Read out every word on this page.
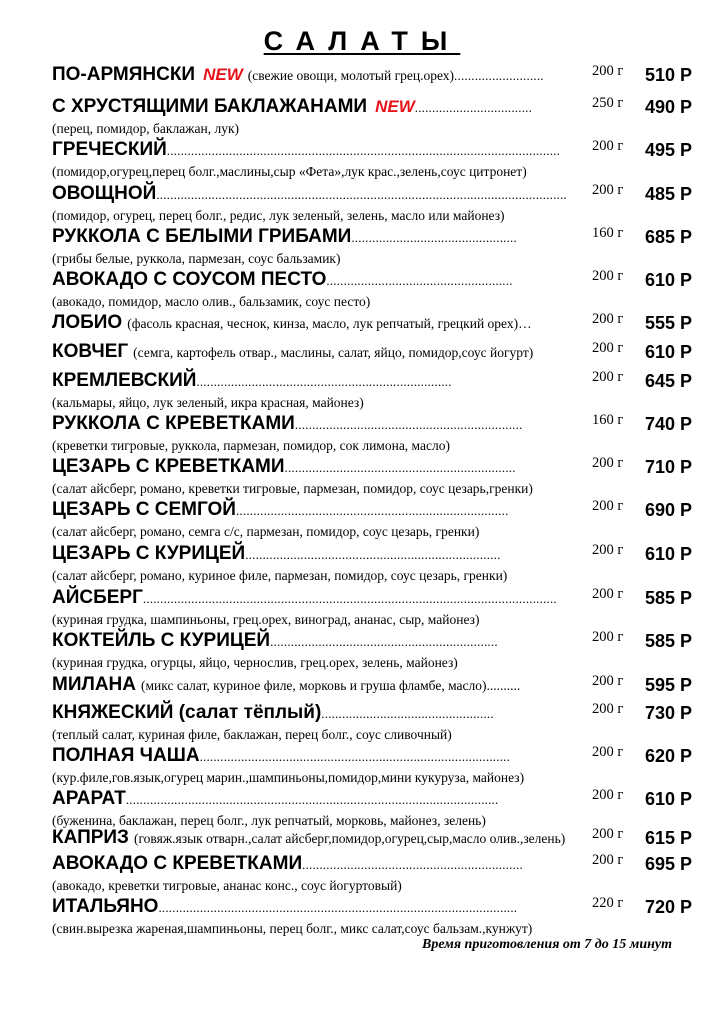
САЛАТЫ
ПО-АРМЯНСКИ NEW (свежие овощи, молотый грец.орех)..........................	200 г	510 Р
С ХРУСТЯЩИМИ БАКЛАЖАНАМИ NEW..................................	250 г	490 Р
(перец, помидор, баклажан, лук)
ГРЕЧЕСКИЙ..................................................................................................................	200 г	495 Р
(помидор,огурец,перец болг.,маслины,сыр «Фета»,лук крас.,зелень,соус цитронет)
ОВОЩНОЙ.......................................................................................................................	200 г	485 Р
(помидор, огурец, перец болг., редис, лук зеленый, зелень, масло или майонез)
РУККОЛА С БЕЛЫМИ ГРИБАМИ................................................	160 г	685 Р
(грибы белые, руккола, пармезан, соус бальзамик)
АВОКАДО С СОУСОМ ПЕСТО......................................................	200 г	610 Р
(авокадо, помидор, масло олив., бальзамик, соус песто)
ЛОБИО (фасоль красная, чеснок, кинза, масло, лук репчатый, грецкий орех)…	200 г	555 Р
КОВЧЕГ (семга, картофель отвар., маслины, салат, яйцо, помидор,соус йогурт)	200 г	610 Р
КРЕМЛЕВСКИЙ..........................................................................	200 г	645 Р
(кальмары, яйцо, лук зеленый, икра красная, майонез)
РУККОЛА С КРЕВЕТКАМИ..................................................................	160 г	740 Р
(креветки тигровые, руккола, пармезан, помидор, сок лимона, масло)
ЦЕЗАРЬ С КРЕВЕТКАМИ...................................................................	200 г	710 Р
(салат айсберг, романо, креветки тигровые, пармезан, помидор, соус цезарь,гренки)
ЦЕЗАРЬ С СЕМГОЙ...............................................................................	200 г	690 Р
(салат айсберг, романо, семга с/с, пармезан, помидор, соус цезарь, гренки)
ЦЕЗАРЬ С КУРИЦЕЙ..........................................................................	200 г	610 Р
(салат айсберг, романо, куриное филе, пармезан, помидор, соус цезарь, гренки)
АЙСБЕРГ........................................................................................................................	200 г	585 Р
(куриная грудка, шампиньоны, грец.орех, виноград, ананас, сыр, майонез)
КОКТЕЙЛЬ С КУРИЦЕЙ..................................................................	200 г	585 Р
(куриная грудка, огурцы, яйцо, чернослив, грец.орех, зелень, майонез)
МИЛАНА (микс салат, куриное филе, морковь и груша фламбе, масло)..........	200 г	595 Р
КНЯЖЕСКИЙ (салат тёплый)..................................................	200 г	730 Р
(теплый салат, куриная филе, баклажан, перец болг., соус сливочный)
ПОЛНАЯ ЧАША..........................................................................................	200 г	620 Р
(кур.филе,гов.язык,огурец марин.,шампиньоны,помидор,мини кукуруза, майонез)
АРАРАТ............................................................................................................	200 г	610 Р
(буженина, баклажан, перец болг., лук репчатый, морковь, майонез, зелень)
КАПРИЗ (говяж.язык отварн.,салат айсберг,помидор,огурец,сыр,масло олив.,зелень)	200 г	615 Р
АВОКАДО С КРЕВЕТКАМИ................................................................	200 г	695 Р
(авокадо, креветки тигровые, ананас конс., соус йогуртовый)
ИТАЛЬЯНО........................................................................................................	220 г	720 Р
(свин.вырезка жареная,шампиньоны, перец болг., микс салат,соус бальзам.,кунжут)
Время приготовления от 7 до 15 минут
